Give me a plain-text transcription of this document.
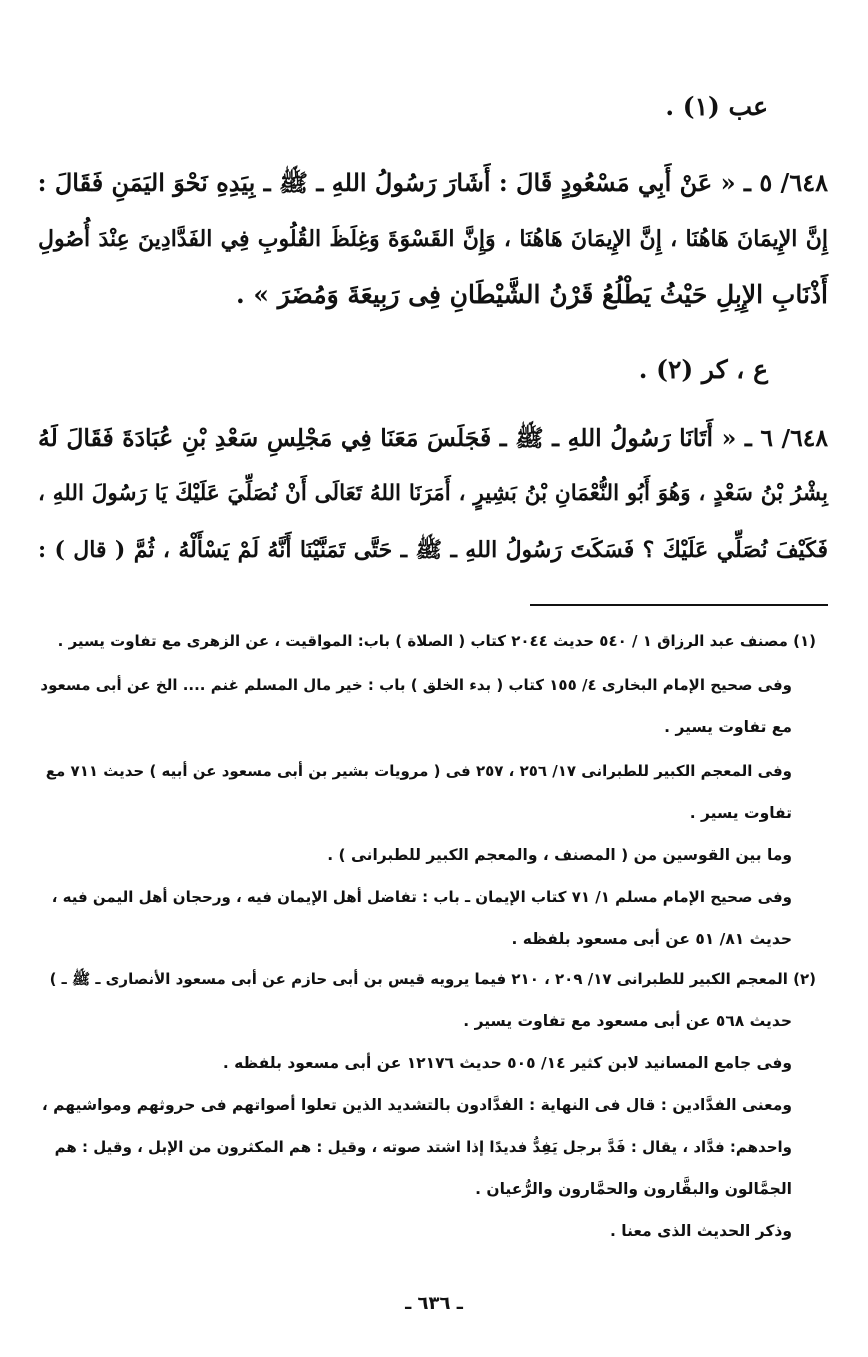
عب (١) .
٦٤٨/ ٥ ـ « عَنْ أَبِي مَسْعُودٍ قَالَ : أَشَارَ رَسُولُ اللهِ ـ ﷺ ـ بِيَدِهِ نَحْوَ اليَمَنِ فَقَالَ :
إِنَّ الإِيمَانَ هَاهُنَا ، إِنَّ الإِيمَانَ هَاهُنَا ، وَإِنَّ القَسْوَةَ وَغِلَظَ القُلُوبِ فِي الفَدَّادِينَ عِنْدَ أُصُولِ
أَذْنَابِ الإِبِلِ حَيْثُ يَطْلُعُ قَرْنُ الشَّيْطَانِ فِى رَبِيعَةَ وَمُضَرَ » .
ع ، كر (٢) .
٦٤٨/ ٦ ـ « أَتَانَا رَسُولُ اللهِ ـ ﷺ ـ فَجَلَسَ مَعَنَا فِي مَجْلِسِ سَعْدِ بْنِ عُبَادَةَ فَقَالَ لَهُ
بِشْرُ بْنُ سَعْدٍ ، وَهُوَ أَبُو النُّعْمَانِ بْنُ بَشِيرٍ ، أَمَرَنَا اللهُ تَعَالَى أَنْ نُصَلِّيَ عَلَيْكَ يَا رَسُولَ اللهِ ،
فَكَيْفَ نُصَلِّي عَلَيْكَ ؟ فَسَكَتَ رَسُولُ اللهِ ـ ﷺ ـ حَتَّى تَمَنَّيْنَا أَنَّهُ لَمْ يَسْأَلْهُ ، ثُمَّ ( قال ) :
(١) مصنف عبد الرزاق ١ / ٥٤٠ حديث ٢٠٤٤ كتاب ( الصلاة ) باب: المواقيت ، عن الزهرى مع تفاوت يسير .
وفى صحيح الإمام البخارى ٤/ ١٥٥ كتاب ( بدء الخلق ) باب : خير مال المسلم غنم .... الخ عن أبى مسعود
مع تفاوت يسير .
وفى المعجم الكبير للطبرانى ١٧/ ٢٥٦ ، ٢٥٧ فى ( مرويات بشير بن أبى مسعود عن أبيه ) حديث ٧١١ مع
تفاوت يسير .
وما بين القوسين من ( المصنف ، والمعجم الكبير للطبرانى ) .
وفى صحيح الإمام مسلم ١/ ٧١ كتاب الإيمان ـ باب : تفاضل أهل الإيمان فيه ، ورحجان أهل اليمن فيه ،
حديث ٨١/ ٥١ عن أبى مسعود بلفظه .
(٢) المعجم الكبير للطبرانى ١٧/ ٢٠٩ ، ٢١٠ فيما يرويه قيس بن أبى حازم عن أبى مسعود الأنصارى ـ ﷺ ـ )
حديث ٥٦٨ عن أبى مسعود مع تفاوت يسير .
وفى جامع المسانيد لابن كثير ١٤/ ٥٠٥ حديث ١٢١٧٦ عن أبى مسعود بلفظه .
ومعنى الفدَّادين : قال فى النهاية : الفدَّادون بالتشديد الذين تعلوا أصواتهم فى حروثهم ومواشيهم ،
واحدهم: فدَّاد ، يقال : فَدَّ برجل يَفِدُّ فديدًا إذا اشتد صوته ، وقيل : هم المكثرون من الإبل ، وقيل : هم
الجمَّالون والبقَّارون والحمَّارون والرُّعيان .
وذكر الحديث الذى معنا .
ـ ٦٣٦ ـ
